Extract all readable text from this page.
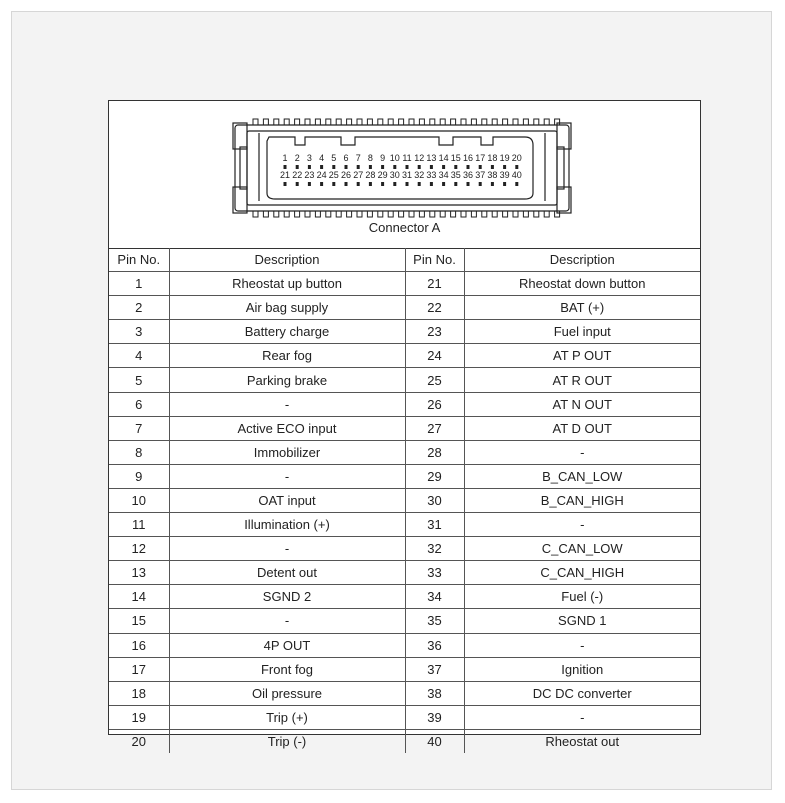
1 2 3 4 5 6 7 8 9 10 11 12 13 14 15 16 17 18 19 20
21 22 23 24 25 26 27 28 29 30 31 32 33 34 35 36 37 38 39 40
Connector A
Pin No.	Description	Pin No.	Description
1	Rheostat up button	21	Rheostat down button
2	Air bag supply	22	BAT (+)
3	Battery charge	23	Fuel input
4	Rear fog	24	AT P OUT
5	Parking brake	25	AT R OUT
6	-	26	AT N OUT
7	Active ECO input	27	AT D OUT
8	Immobilizer	28	-
9	-	29	B_CAN_LOW
10	OAT input	30	B_CAN_HIGH
11	Illumination (+)	31	-
12	-	32	C_CAN_LOW
13	Detent out	33	C_CAN_HIGH
14	SGND 2	34	Fuel (-)
15	-	35	SGND 1
16	4P OUT	36	-
17	Front fog	37	Ignition
18	Oil pressure	38	DC DC converter
19	Trip (+)	39	-
20	Trip (-)	40	Rheostat out
